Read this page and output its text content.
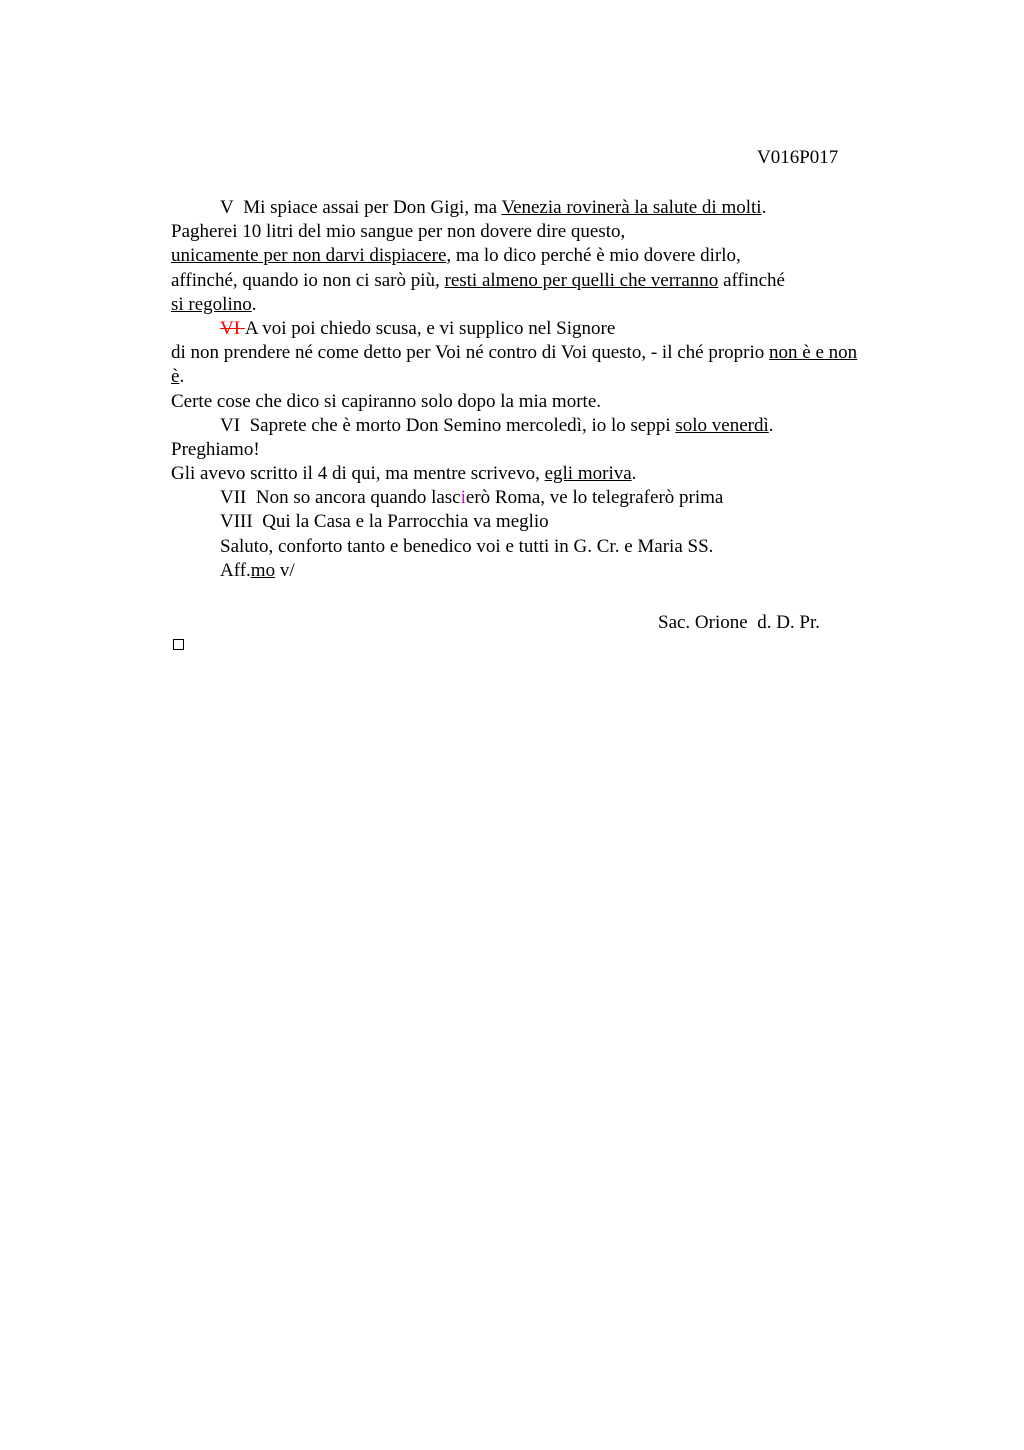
V016P017
V Mi spiace assai per Don Gigi, ma Venezia rovinerà la salute di molti.
Pagherei 10 litri del mio sangue per non dovere dire questo,
unicamente per non darvi dispiacere, ma lo dico perché è mio dovere dirlo,
affinché, quando io non ci sarò più, resti almeno per quelli che verranno affinché
si regolino.
VI A voi poi chiedo scusa, e vi supplico nel Signore
di non prendere né come detto per Voi né contro di Voi questo, - il ché proprio non è e non
è.
Certe cose che dico si capiranno solo dopo la mia morte.
VI Saprete che è morto Don Semino mercoledì, io lo seppi solo venerdì.
Preghiamo!
Gli avevo scritto il 4 di qui, ma mentre scrivevo, egli moriva.
VII Non so ancora quando lascierò Roma, ve lo telegraferò prima
VIII Qui la Casa e la Parrocchia va meglio
Saluto, conforto tanto e benedico voi e tutti in G. Cr. e Maria SS.
Aff.mo v/
Sac. Orione  d. D. Pr.
